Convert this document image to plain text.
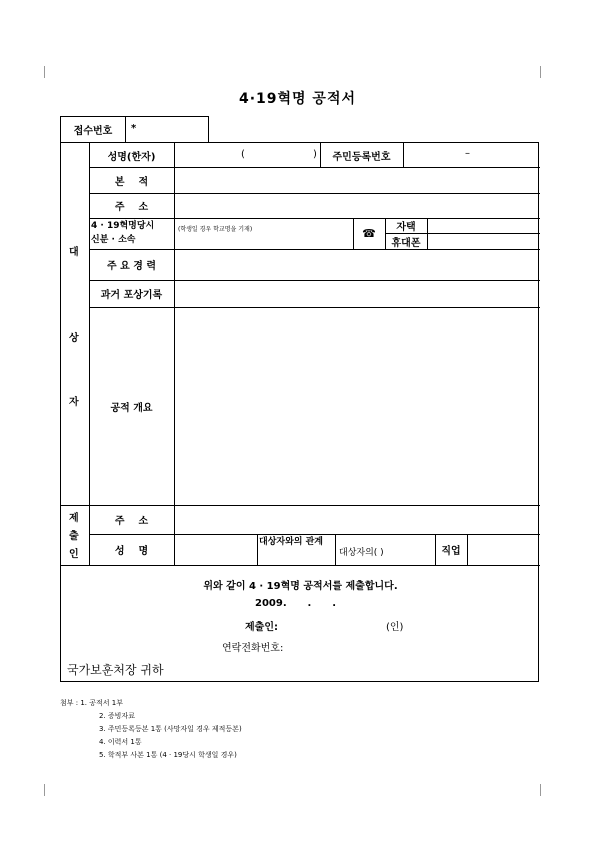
4·19혁명 공적서
접수번호	*
대
상
자
성명(한자)	(	)	주민등록번호	–
본    적
주    소
4 · 19혁명당시
신분 · 소속
(학생일 경우 학교명을 기재)	☎	자택
휴대폰
주 요 경 력
과거 포상기록
공적 개요
제
출
인
주    소
성    명
대상자와의 관계
대상자의( )	직업
위와 같이 4 · 19혁명 공적서를 제출합니다.
2009.      .      .
제출인:	(인)
연락전화번호:
국가보훈처장 귀하
첨부 : 1. 공적서 1부
2. 증빙자료
3. 주민등록등본 1통 (사망자일 경우 제적등본)
4. 이력서 1통
5. 학적부 사본 1통 (4 · 19당시 학생일 경우)
